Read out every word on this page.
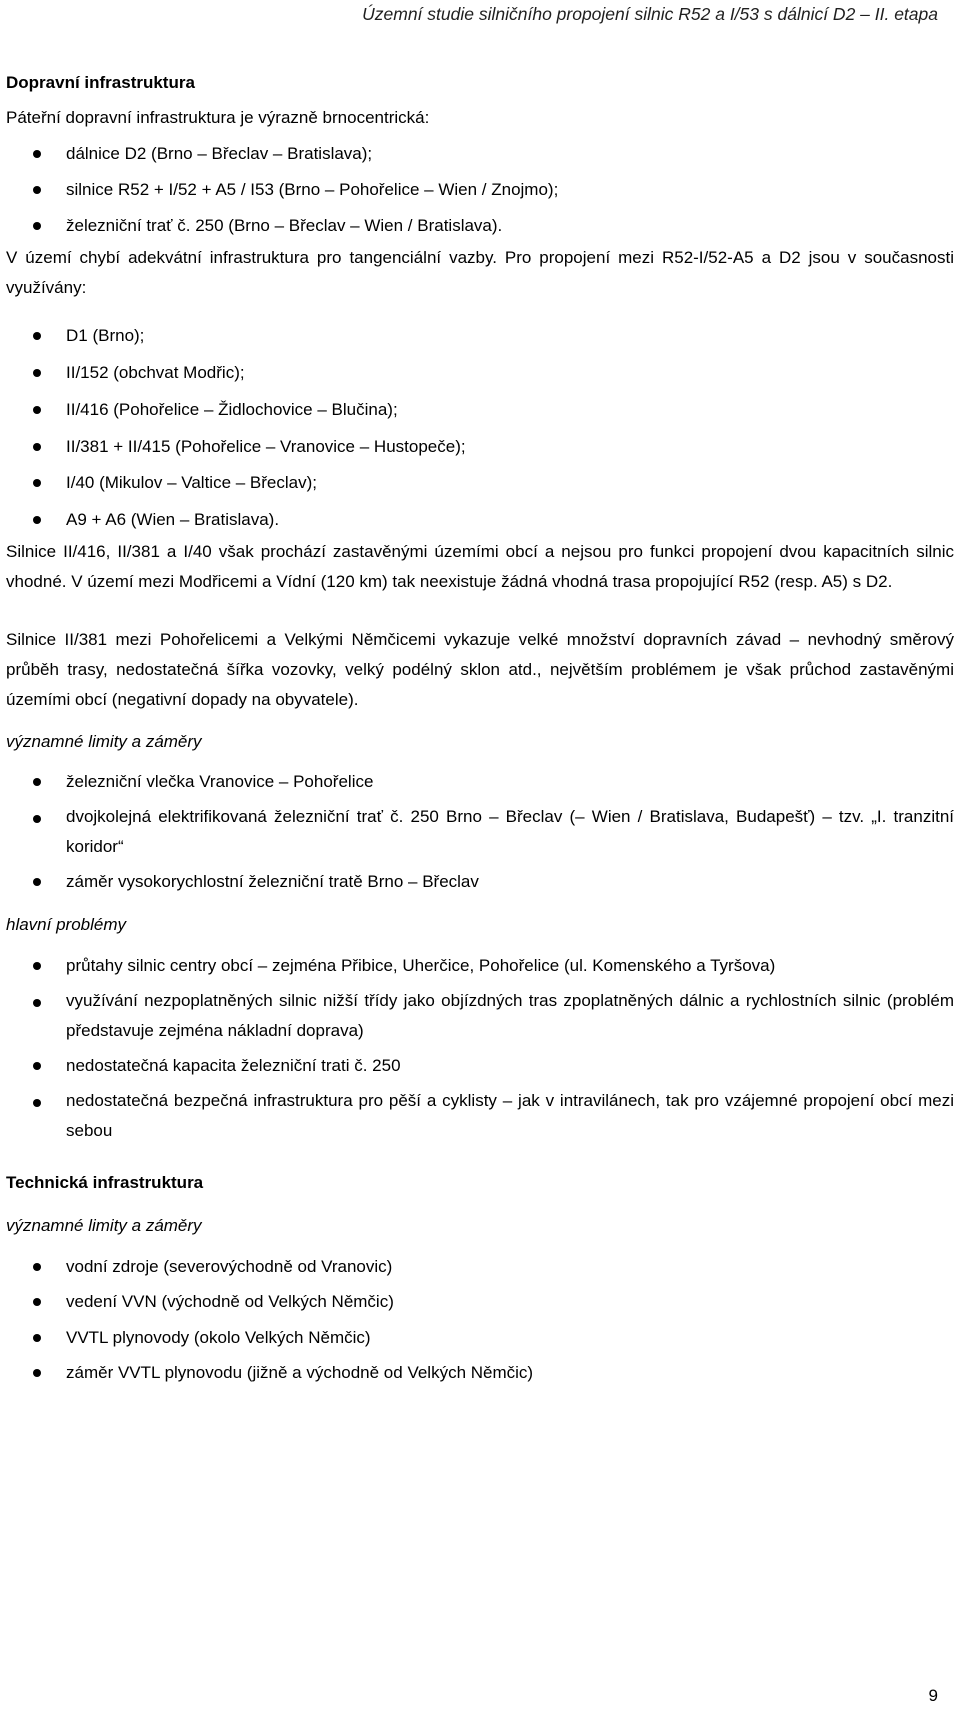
Územní studie silničního propojení silnic R52 a I/53 s dálnicí D2 – II. etapa
Dopravní infrastruktura
Páteřní dopravní infrastruktura je výrazně brnocentrická:
dálnice D2 (Brno – Břeclav – Bratislava);
silnice R52 + I/52 + A5 / I53 (Brno – Pohořelice – Wien / Znojmo);
železniční trať č. 250 (Brno – Břeclav – Wien / Bratislava).
V území chybí adekvátní infrastruktura pro tangenciální vazby. Pro propojení mezi R52-I/52-A5 a D2 jsou v současnosti využívány:
D1 (Brno);
II/152 (obchvat Modřic);
II/416 (Pohořelice – Židlochovice – Blučina);
II/381 + II/415 (Pohořelice – Vranovice – Hustopeče);
I/40 (Mikulov – Valtice – Břeclav);
A9 + A6 (Wien – Bratislava).
Silnice II/416, II/381 a I/40 však prochází zastavěnými územími obcí a nejsou pro funkci propojení dvou kapacitních silnic vhodné. V území mezi Modřicemi a Vídní (120 km) tak neexistuje žádná vhodná trasa propojující R52 (resp. A5) s D2.
Silnice II/381 mezi Pohořelicemi a Velkými Němčicemi vykazuje velké množství dopravních závad – nevhodný směrový průběh trasy, nedostatečná šířka vozovky, velký podélný sklon atd., největším problémem je však průchod zastavěnými územími obcí (negativní dopady na obyvatele).
významné limity a záměry
železniční vlečka Vranovice – Pohořelice
dvojkolejná elektrifikovaná železniční trať č. 250 Brno – Břeclav (– Wien / Bratislava, Budapešť) – tzv. „I. tranzitní koridor“
záměr vysokorychlostní železniční tratě Brno – Břeclav
hlavní problémy
průtahy silnic centry obcí – zejména Přibice, Uherčice, Pohořelice (ul. Komenského a Tyršova)
využívání nezpoplatněných silnic nižší třídy jako objízdných tras zpoplatněných dálnic a rychlostních silnic (problém představuje zejména nákladní doprava)
nedostatečná kapacita železniční trati č. 250
nedostatečná bezpečná infrastruktura pro pěší a cyklisty – jak v intravilánech, tak pro vzájemné propojení obcí mezi sebou
Technická infrastruktura
významné limity a záměry
vodní zdroje (severovýchodně od Vranovic)
vedení VVN (východně od Velkých Němčic)
VVTL plynovody (okolo Velkých Němčic)
záměr VVTL plynovodu (jižně a východně od Velkých Němčic)
9
